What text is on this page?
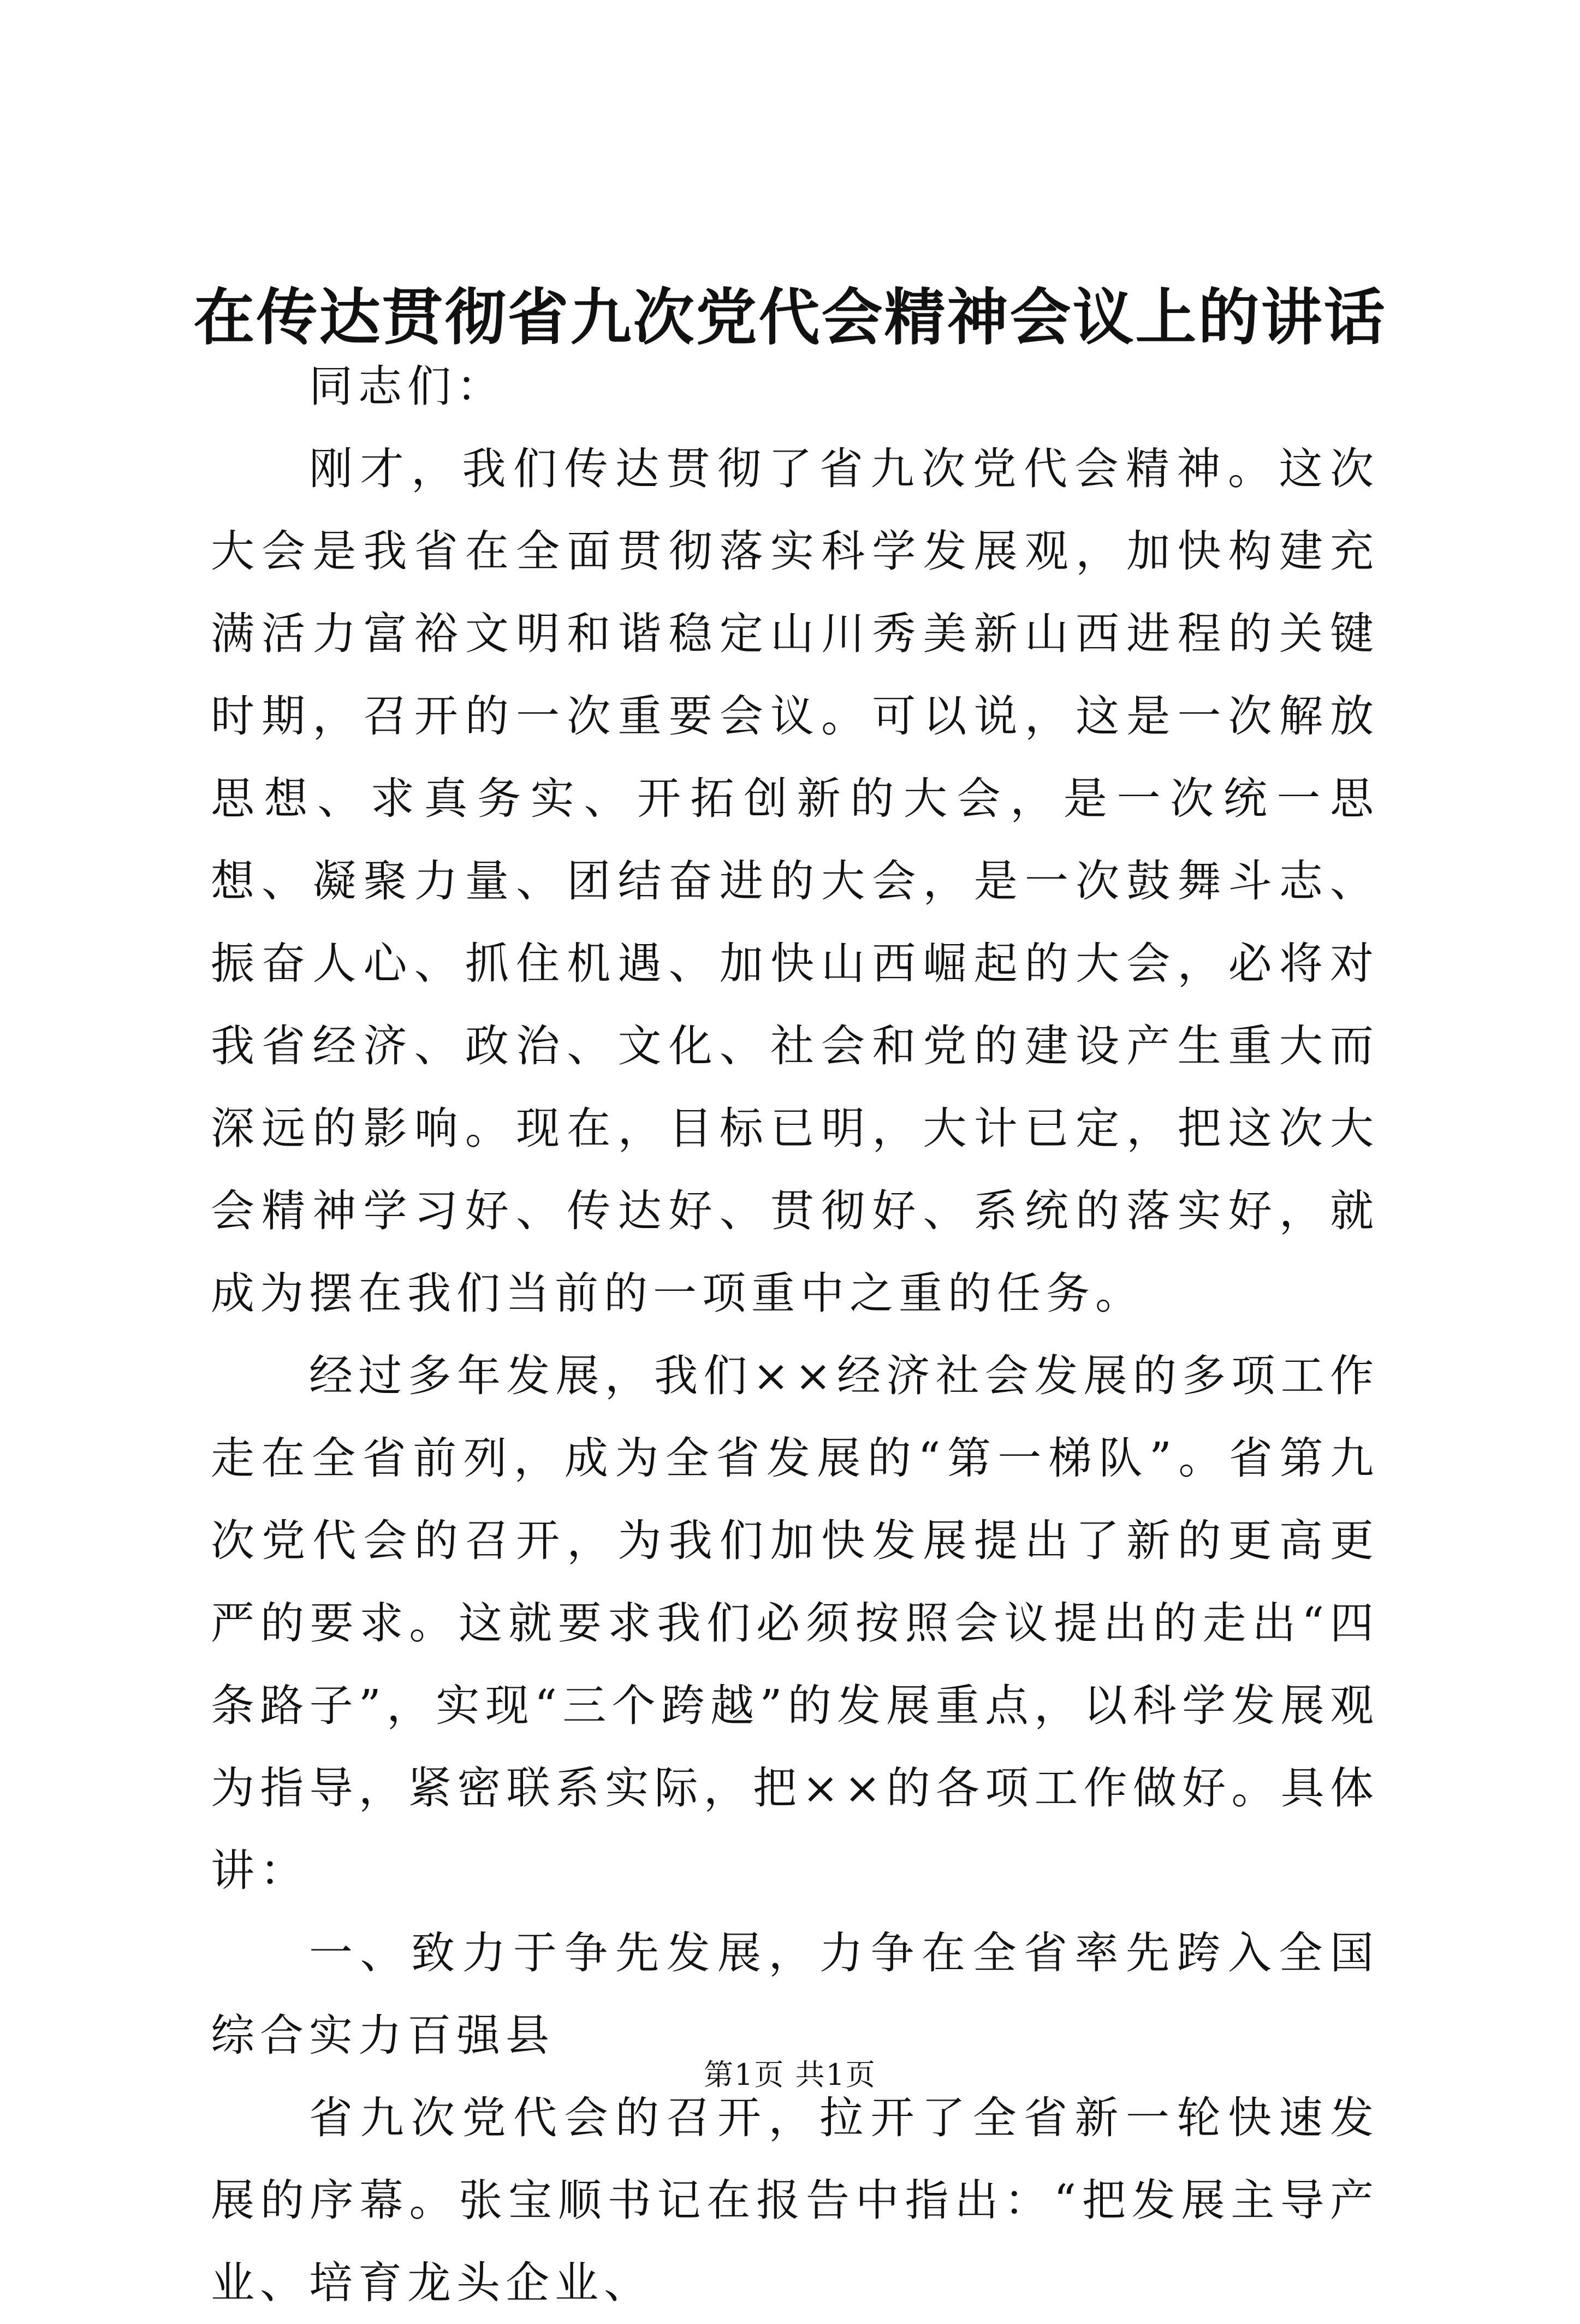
在传达贯彻省九次党代会精神会议上的讲话

同志们：

刚才，我们传达贯彻了省九次党代会精神。这次大会是我省在全面贯彻落实科学发展观，加快构建充满活力富裕文明和谐稳定山川秀美新山西进程的关键时期，召开的一次重要会议。可以说，这是一次解放思想、求真务实、开拓创新的大会，是一次统一思想、凝聚力量、团结奋进的大会，是一次鼓舞斗志、振奋人心、抓住机遇、加快山西崛起的大会，必将对我省经济、政治、文化、社会和党的建设产生重大而深远的影响。现在，目标已明，大计已定，把这次大会精神学习好、传达好、贯彻好、系统的落实好，就成为摆在我们当前的一项重中之重的任务。

经过多年发展，我们××经济社会发展的多项工作走在全省前列，成为全省发展的“第一梯队”。省第九次党代会的召开，为我们加快发展提出了新的更高更严的要求。这就要求我们必须按照会议提出的走出“四条路子”，实现“三个跨越”的发展重点，以科学发展观为指导，紧密联系实际，把××的各项工作做好。具体讲：

一、致力于争先发展，力争在全省率先跨入全国综合实力百强县

省九次党代会的召开，拉开了全省新一轮快速发展的序幕。张宝顺书记在报告中指出：“把发展主导产业、培育龙头企业、

第1页 共1页
